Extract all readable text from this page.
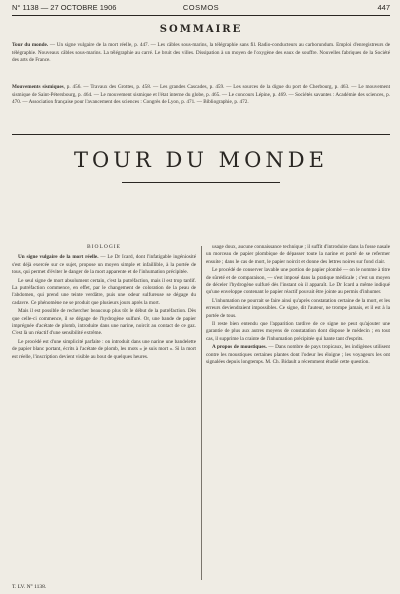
N° 1138 — 27 OCTOBRE 1906	COSMOS	447
SOMMAIRE
Tour du monde. — Un signe vulgaire de la mort réelle, p. 447. — Les câbles sous-marins, la télégraphie sans fil. Radio-conducteurs au carborundum. Emploi d'enregistreurs de télégraphie. Nouveaux câbles sous-marins. La télégraphie au carré. Le bruit des villes. Dissipation à un moyen de l'oxygène des eaux de souffre. Nouvelles fabriques de la Société des arts de France.
Mouvements sismiques, p. 456. — Travaux des Grottes, p. 458. — Les grandes Cascades, p. 459. — Les sources de la digue du port de Cherbourg, p. 463. — Le mouvement sismique de Saint-Pétersbourg, p. 464. — Le mouvement sismique et l'état interne du globe, p. 465. — Le concours Lépine, p. 469. — Sociétés savantes : Académie des sciences, p. 470. — Association française pour l'avancement des sciences : Congrès de Lyon, p. 471. — Bibliographie, p. 472.
TOUR DU MONDE
BIOLOGIE

Un signe vulgaire de la mort réelle. — Le Dr Icard, dont l'infatigable ingéniosité s'est déjà exercée sur ce sujet, propose un moyen simple et infaillible, à la portée de tous, qui permet d'éviter le danger de la mort apparente et de l'inhumation précipitée.

Le seul signe de mort absolument certain, c'est la putréfaction, mais il est trop tardif. La putréfaction commence, en effet, par le changement de coloration de la peau de l'abdomen, qui prend une teinte verdâtre, puis une odeur sulfureuse se dégage du cadavre. Ce phénomène ne se produit que plusieurs jours après la mort.

Mais il est possible de rechercher beaucoup plus tôt le début de la putréfaction. Dès que celle-ci commence, il se dégage de l'hydrogène sulfuré. Or, une bande de papier imprégnée d'acétate de plomb, introduite dans une narine, noircit au contact de ce gaz. C'est là un réactif d'une sensibilité extrême.

Le procédé est d'une simplicité parfaite : on introduit dans une narine une bandelette de papier blanc portant, écrits à l'acétate de plomb, les mots « je suis mort ». Si la mort est réelle, l'inscription devient visible au bout de quelques heures.

usage doux, aucune connaissance technique ; il suffit d'introduire dans la fosse nasale un morceau de papier plombique de dépasser toute la narine et porté de se refermer ensuite ; dans le cas de mort, le papier noircit et donne des lettres noires sur fond clair.

Le procédé de conserver lavable une portion de papier plombé — on le nomme à titre de sûreté et de comparaison, — s'est imposé dans la pratique médicale ; c'est un moyen de déceler l'hydrogène sulfuré dès l'instant où il apparaît. Le Dr Icard a même indiqué qu'une enveloppe contenant le papier réactif pouvait être jointe au permis d'inhumer.

L'inhumation ne pourrait se faire ainsi qu'après constatation certaine de la mort, et les erreurs deviendraient impossibles. Ce signe, dit l'auteur, ne trompe jamais, et il est à la portée de tous.

Il reste bien entendu que l'apparition tardive de ce signe ne peut qu'ajouter une garantie de plus aux autres moyens de constatation dont dispose le médecin ; en tout cas, il supprime la crainte de l'inhumation précipitée qui hante tant d'esprits.

A propos de moustiques. — Dans nombre de pays tropicaux, les indigènes utilisent contre les moustiques certaines plantes dont l'odeur les éloigne ; les voyageurs les ont signalées depuis longtemps. M. Ch. Bidault a récemment étudié cette question.

T. LV. N° 1138.
